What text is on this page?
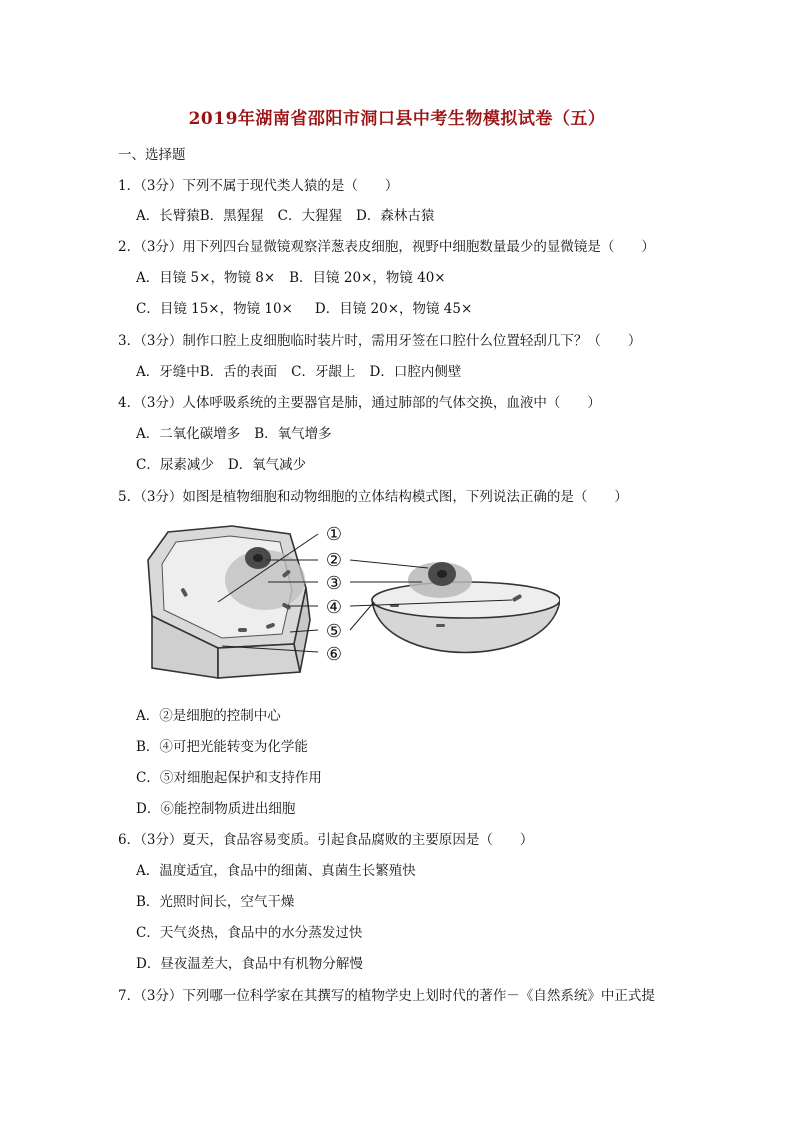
2019年湖南省邵阳市洞口县中考生物模拟试卷（五）
一、选择题
1．（3分）下列不属于现代类人猿的是（　　）
A．长臂猿B．黑猩猩 C．大猩猩 D．森林古猿
2．（3分）用下列四台显微镜观察洋葱表皮细胞，视野中细胞数量最少的显微镜是（　　）
A．目镜 5×，物镜 8× B．目镜 20×，物镜 40×
C．目镜 15×，物镜 10× D．目镜 20×，物镜 45×
3．（3分）制作口腔上皮细胞临时装片时，需用牙签在口腔什么位置轻刮几下？（　　）
A．牙缝中B．舌的表面 C．牙龈上 D．口腔内侧壁
4．（3分）人体呼吸系统的主要器官是肺，通过肺部的气体交换，血液中（　　）
A．二氧化碳增多 B．氧气增多
C．尿素减少 D．氧气减少
5．（3分）如图是植物细胞和动物细胞的立体结构模式图，下列说法正确的是（　　）
①
②
③
④
⑤
⑥
A．②是细胞的控制中心
B．④可把光能转变为化学能
C．⑤对细胞起保护和支持作用
D．⑥能控制物质进出细胞
6．（3分）夏天，食品容易变质。引起食品腐败的主要原因是（　　）
A．温度适宜，食品中的细菌、真菌生长繁殖快
B．光照时间长，空气干燥
C．天气炎热，食品中的水分蒸发过快
D．昼夜温差大，食品中有机物分解慢
7．（3分）下列哪一位科学家在其撰写的植物学史上划时代的著作－《自然系统》中正式提
